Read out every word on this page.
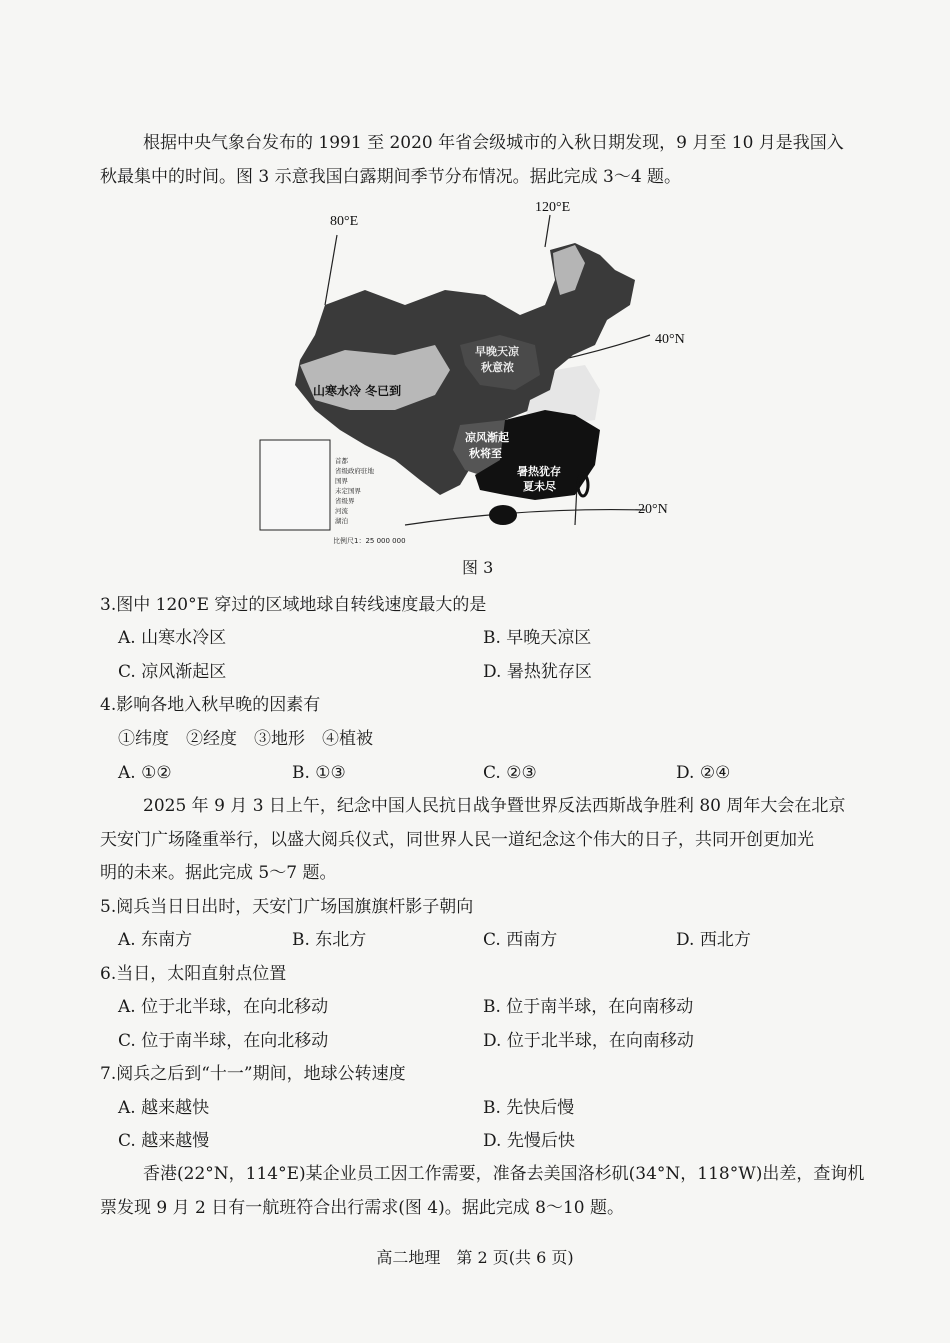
根据中央气象台发布的 1991 至 2020 年省会级城市的入秋日期发现，9 月至 10 月是我国入
秋最集中的时间。图 3 示意我国白露期间季节分布情况。据此完成 3～4 题。
80°E
120°E
40°N
20°N
山寒水冷 冬已到
早晚天凉
秋意浓
凉风渐起
秋将至
暑热犹存
夏未尽
首都
省级政府驻地
国界
未定国界
省级界
河流
湖泊
比例尺1：25 000 000
图 3
3.图中 120°E 穿过的区域地球自转线速度最大的是
A. 山寒水冷区	B. 早晚天凉区
C. 凉风渐起区	D. 暑热犹存区
4.影响各地入秋早晚的因素有
①纬度　②经度　③地形　④植被
A. ①②	B. ①③	C. ②③	D. ②④
2025 年 9 月 3 日上午，纪念中国人民抗日战争暨世界反法西斯战争胜利 80 周年大会在北京
天安门广场隆重举行，以盛大阅兵仪式，同世界人民一道纪念这个伟大的日子，共同开创更加光
明的未来。据此完成 5～7 题。
5.阅兵当日日出时，天安门广场国旗旗杆影子朝向
A. 东南方	B. 东北方	C. 西南方	D. 西北方
6.当日，太阳直射点位置
A. 位于北半球，在向北移动	B. 位于南半球，在向南移动
C. 位于南半球，在向北移动	D. 位于北半球，在向南移动
7.阅兵之后到“十一”期间，地球公转速度
A. 越来越快	B. 先快后慢
C. 越来越慢	D. 先慢后快
香港(22°N，114°E)某企业员工因工作需要，准备去美国洛杉矶(34°N，118°W)出差，查询机
票发现 9 月 2 日有一航班符合出行需求(图 4)。据此完成 8～10 题。
高二地理　第 2 页(共 6 页)
